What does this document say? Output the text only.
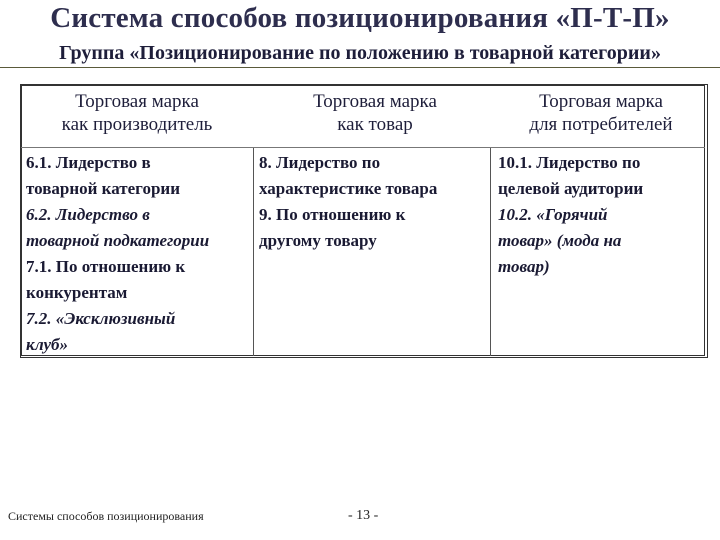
Система способов позиционирования «П-Т-П»
Группа «Позиционирование по положению в товарной категории»
Торговая марка
как производитель
Торговая марка
как товар
Торговая марка
для потребителей
6.1. Лидерство в
товарной категории
6.2. Лидерство в
товарной подкатегории
7.1. По отношению к
конкурентам
7.2. «Эксклюзивный
клуб»
8. Лидерство по
характеристике товара
9. По отношению к
другому товару
10.1. Лидерство по
целевой аудитории
10.2. «Горячий
товар» (мода на
товар)
Системы способов позиционирования	- 13 -
